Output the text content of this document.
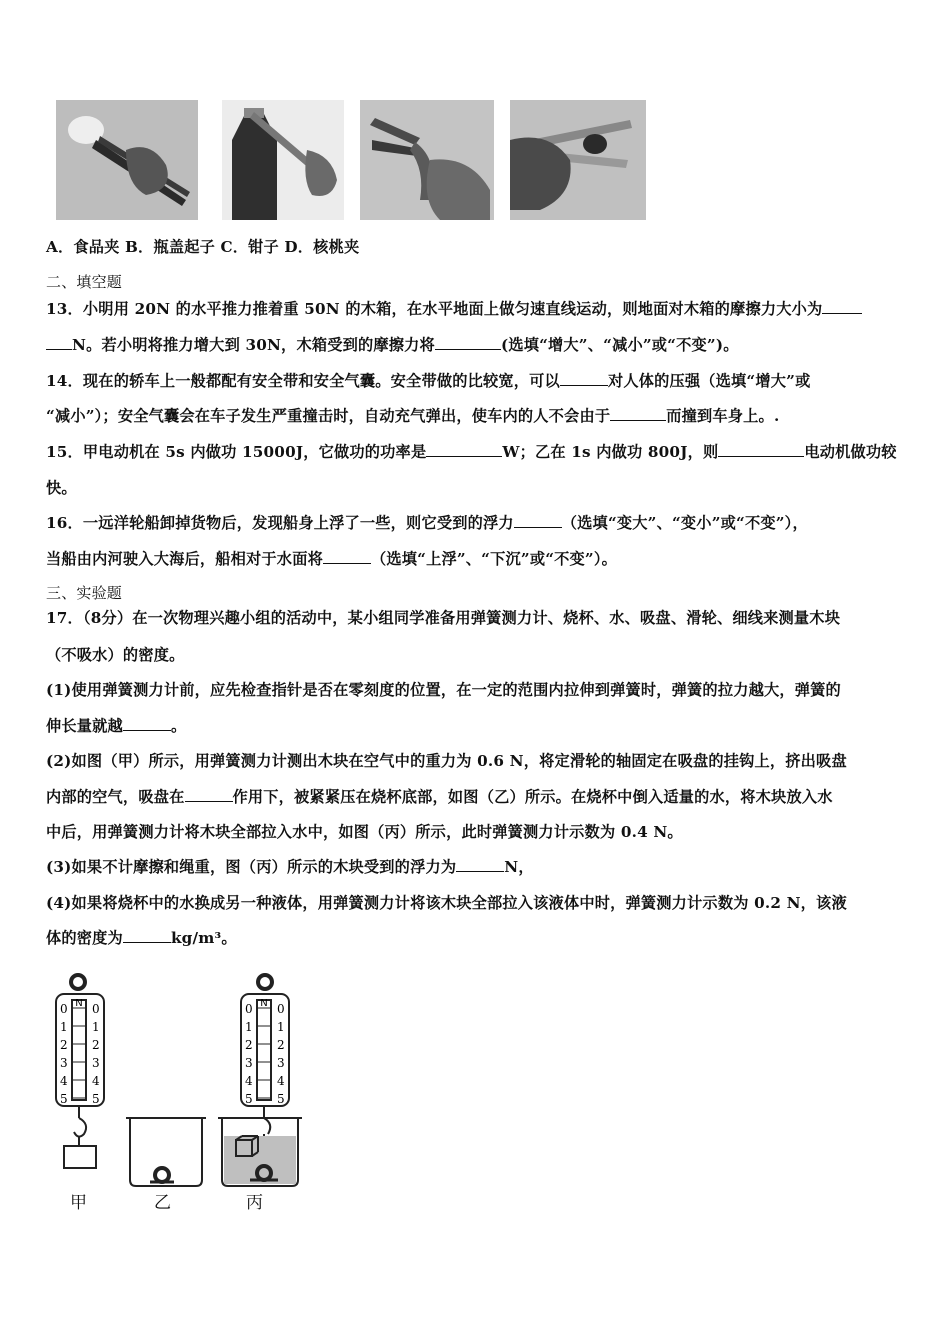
A．食品夹 B．瓶盖起子 C．钳子 D．核桃夹
二、填空题
13．小明用 20N 的水平推力推着重 50N 的木箱，在水平地面上做匀速直线运动，则地面对木箱的摩擦力大小为
N。若小明将推力增大到 30N，木箱受到的摩擦力将	(选填“增大”、“减小”或“不变”)。
14．现在的轿车上一般都配有安全带和安全气囊。安全带做的比较宽，可以	对人体的压强（选填“增大”或
“减小”）；安全气囊会在车子发生严重撞击时，自动充气弹出，使车内的人不会由于	而撞到车身上。.
15．甲电动机在 5s 内做功 15000J，它做功的功率是	W；乙在 1s 内做功 800J，则	电动机做功较
快。
16．一远洋轮船卸掉货物后，发现船身上浮了一些，则它受到的浮力	（选填“变大”、“变小”或“不变”），
当船由内河驶入大海后，船相对于水面将	（选填“上浮”、“下沉”或“不变”）。
三、实验题
17．（8分）在一次物理兴趣小组的活动中，某小组同学准备用弹簧测力计、烧杯、水、吸盘、滑轮、细线来测量木块
（不吸水）的密度。
(1)使用弹簧测力计前，应先检查指针是否在零刻度的位置，在一定的范围内拉伸到弹簧时，弹簧的拉力越大，弹簧的
伸长量就越	。
(2)如图（甲）所示，用弹簧测力计测出木块在空气中的重力为 0.6 N，将定滑轮的轴固定在吸盘的挂钩上，挤出吸盘
内部的空气，吸盘在	作用下，被紧紧压在烧杯底部，如图（乙）所示。在烧杯中倒入适量的水，将木块放入水
中后，用弹簧测力计将木块全部拉入水中，如图（丙）所示，此时弹簧测力计示数为 0.4 N。
(3)如果不计摩擦和绳重，图（丙）所示的木块受到的浮力为	N，
(4)如果将烧杯中的水换成另一种液体，用弹簧测力计将该木块全部拉入该液体中时，弹簧测力计示数为 0.2 N，该液
体的密度为	kg/m³。
N	N
0 0
1 1
2 2
3 3
4 4
5 5
0 0
1 1
2 2
3 3
4 4
5 5
甲	乙	丙
